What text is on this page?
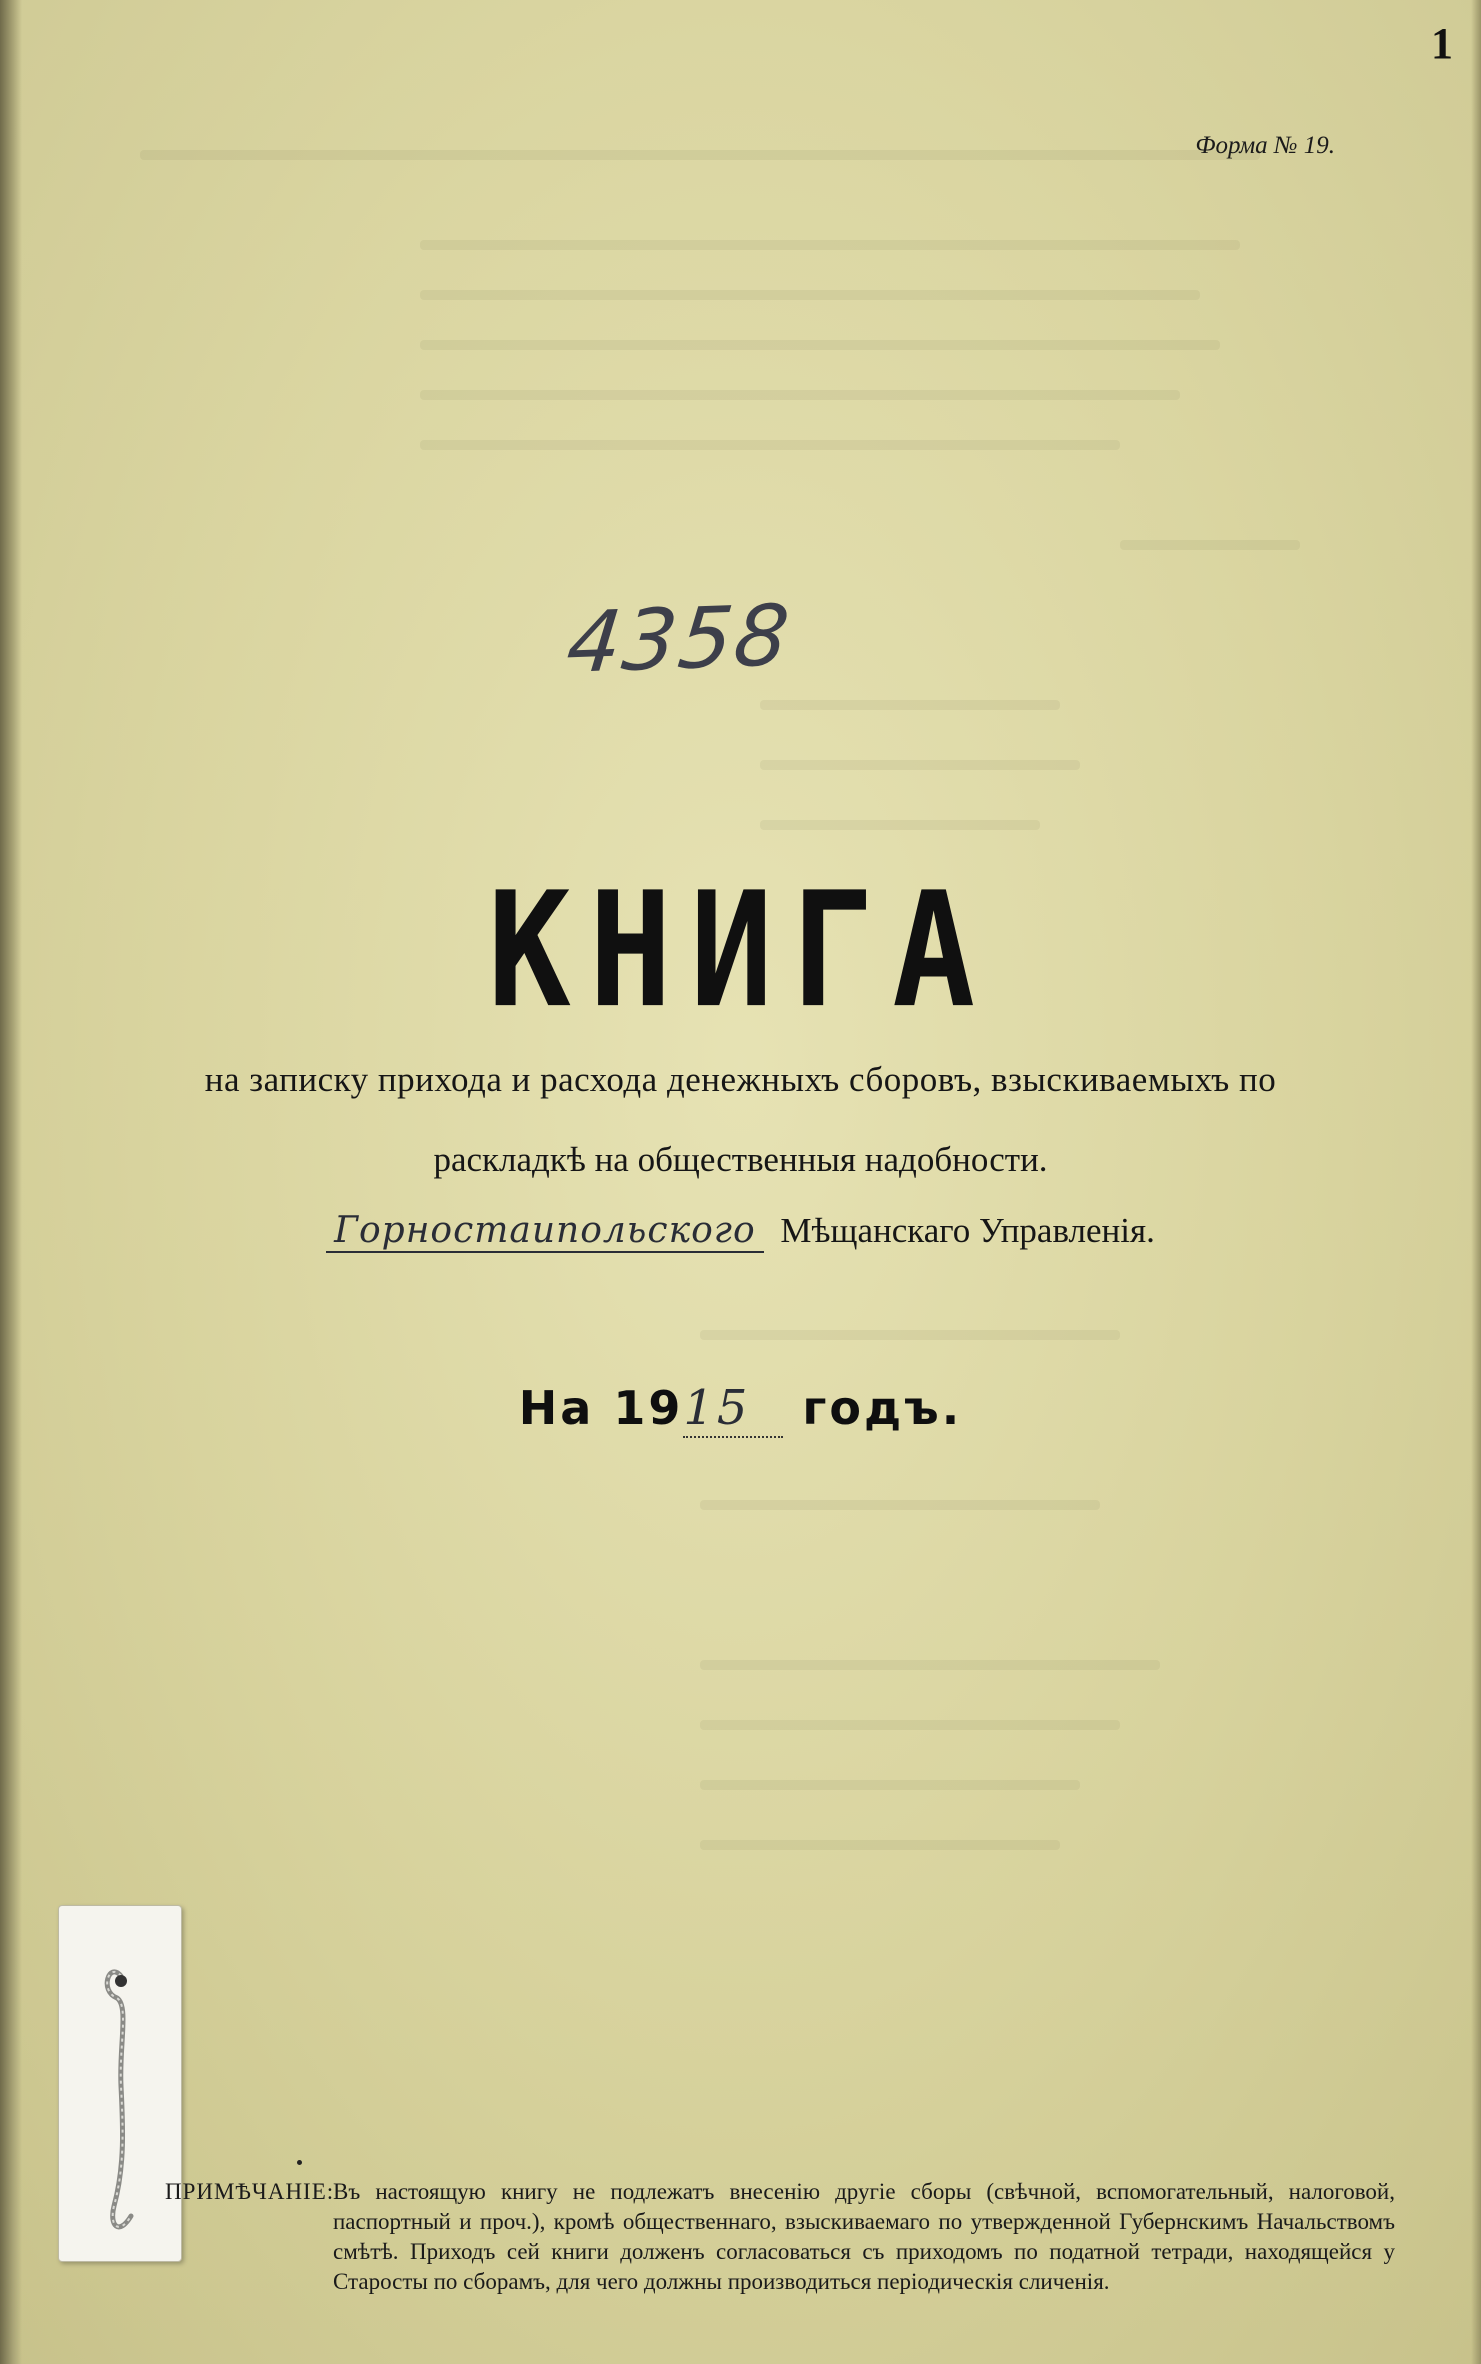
1
Форма № 19.
4358
КНИГА
на записку прихода и расхода денежныхъ сборовъ, взыскиваемыхъ по
раскладкѣ на общественныя надобности.
Горностаипольского Мѣщанскаго Управленія.
На 1915 годъ.
ПРИМѢЧАНІЕ:
Въ настоящую книгу не подлежатъ внесенію другіе сборы (свѣчной, вспомогательный, налоговой, паспортный и проч.), кромѣ общественнаго, взыскиваемаго по утвержденной Губернскимъ Начальствомъ смѣтѣ. Приходъ сей книги долженъ согласоваться съ приходомъ по податной тетради, находящейся у Старосты по сборамъ, для чего должны производиться періодическія сличенія.
